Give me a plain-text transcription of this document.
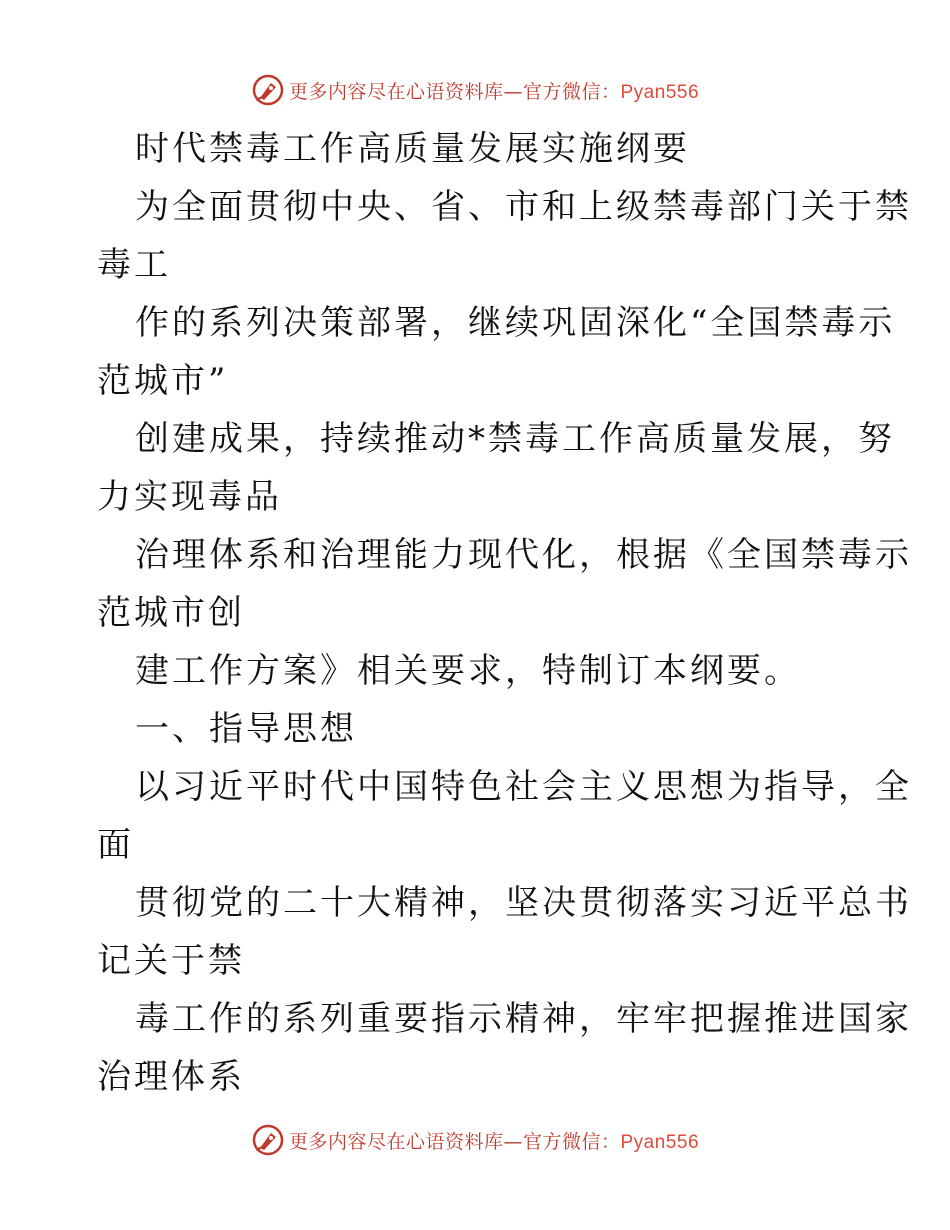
更多内容尽在心语资料库—官方微信：Pyan556
时代禁毒工作高质量发展实施纲要
为全面贯彻中央、省、市和上级禁毒部门关于禁
毒工
作的系列决策部署，继续巩固深化“全国禁毒示
范城市”
创建成果，持续推动*禁毒工作高质量发展，努
力实现毒品
治理体系和治理能力现代化，根据《全国禁毒示
范城市创
建工作方案》相关要求，特制订本纲要。
一、指导思想
以习近平时代中国特色社会主义思想为指导，全
面
贯彻党的二十大精神，坚决贯彻落实习近平总书
记关于禁
毒工作的系列重要指示精神，牢牢把握推进国家
治理体系
更多内容尽在心语资料库—官方微信：Pyan556
